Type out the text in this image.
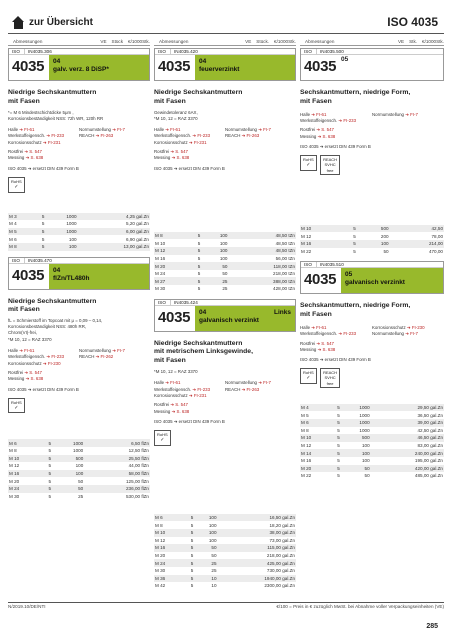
zur Übersicht	ISO 4035
Abmessungen	VE Stück €/1000Stk.
ISO	IN4035.306
4035 04
galv. verz. 8 DiSP*
Niedrige Sechskantmuttern
mit Fasen
*= M 6 Mindestschichtdicke 5μm ,
Korrosionsbeständigkeit NSS: 72h WR, 120h RR
Halle ➔ FI-61	Normumstellung ➔ FI-7
Werkstoffeigensch. ➔ FI-233	REACH ➔ FI-263
Korrosionsschutz ➔ FI-231
Rostfrei ➔ S. 547
Messing ➔ S. 638
ISO 4035 ➔ ersetzt DIN 439 Form B
RoHS
✓
M 3	5	1000	4,25 gal.Zn
M 4	5	1000	5,20 gal.Zn
M 5	5	1000	6,00 gal.Zn
M 6	5	100	6,90 gal.Zn
M 8	5	100	13,00 gal.Zn
ISO	IN4035.470
4035 04
flZn/TL480h
Niedrige Sechskantmuttern
mit Fasen
fL = Schmierstoff im Topcoat mit μ = 0,09 – 0,14,
Korrosionsbeständigkeit NSS: 480h RR,
Chrom(VI)-frei,
*M 10, 12 = RAZ 3370
Halle ➔ FI-61	Normumstellung ➔ FI-7
Werkstoffeigensch. ➔ FI-233	REACH ➔ FI-262
Korrosionsschutz ➔ FI-230
Rostfrei ➔ S. 547
Messing ➔ S. 638
ISO 4035 ➔ ersetzt DIN 439 Form B
RoHS
✓
M 6	5	1000	6,50 flZn
M 8	5	1000	12,50 flZn
M 10	5	500	25,50 flZn
M 12	5	100	44,00 flZn
M 16	5	100	58,00 flZn
M 20	5	50	125,00 flZn
M 24	5	50	236,00 flZn
M 30	5	25	530,00 flZn
Abmessungen	VE Stück. €/1000Stk.
ISO	IN4035.420
4035 04
feuerverzinkt
Niedrige Sechskantmuttern
mit Fasen
Gewindetoleranz 6AX,
*M 10, 12 = RAZ 3370
Halle ➔ FI-61	Normumstellung ➔ FI-7
Werkstoffeigensch. ➔ FI-233	REACH ➔ FI-263
Korrosionsschutz ➔ FI-231
Rostfrei ➔ S. 547
Messing ➔ S. 638
ISO 4035 ➔ ersetzt DIN 439 Form B
M 8	5	100	48,50 tZn
M 10	5	100	48,50 tZn
M 12	5	100	48,50 tZn
M 16	5	100	56,00 tZn
M 20	5	50	118,00 tZn
M 24	5	50	218,00 tZn
M 27	5	25	388,00 tZn
M 30	5	25	428,00 tZn
ISO	IN4035.424
4035 04	Links
galvanisch verzinkt
Niedrige Sechskantmuttern
mit metrischem Linksgewinde,
mit Fasen
*M 10, 12 = RAZ 3370
Halle ➔ FI-61	Normumstellung ➔ FI-7
Werkstoffeigensch. ➔ FI-233	REACH ➔ FI-263
Korrosionsschutz ➔ FI-231
Rostfrei ➔ S. 547
Messing ➔ S. 638
ISO 4035 ➔ ersetzt DIN 439 Form B
RoHS
✓
M 6	5	100	16,50 gal.Zn
M 8	5	100	18,20 gal.Zn
M 10	5	100	38,00 gal.Zn
M 12	5	100	73,00 gal.Zn
M 16	5	50	115,00 gal.Zn
M 20	5	50	218,00 gal.Zn
M 24	5	25	425,00 gal.Zn
M 30	5	25	730,00 gal.Zn
M 36	5	10	1940,00 gal.Zn
M 42	5	10	2300,00 gal.Zn
Abmessungen	VE Stk. €/1000Stk.
ISO	IN4035.500
4035 05
Sechskantmuttern, niedrige Form,
mit Fasen
Halle ➔ FI-61	Normumstellung ➔ FI-7
Werkstoffeigensch. ➔ FI-233
Rostfrei ➔ S. 547
Messing ➔ S. 638
ISO 4035 ➔ ersetzt DIN 439 Form B
RoHS
✓

REACH
SVHC
free
M 10	5	500	42,50
M 12	5	200	78,00
M 16	5	100	214,00
M 22	5	50	470,00
ISO	IN4035.510
4035 05
galvanisch verzinkt
Sechskantmuttern, niedrige Form,
mit Fasen
Halle ➔ FI-61	Korrosionsschutz ➔ FI-230
Werkstoffeigensch. ➔ FI-233	Normumstellung ➔ FI-7
Rostfrei ➔ S. 547
Messing ➔ S. 638
ISO 4035 ➔ ersetzt DIN 439 Form B
RoHS
✓

REACH
SVHC
free
M 4	5	1000	29,50 gal.Zn
M 5	5	1000	36,50 gal.Zn
M 6	5	1000	39,00 gal.Zn
M 8	5	1000	42,50 gal.Zn
M 10	5	500	46,50 gal.Zn
M 12	5	100	83,00 gal.Zn
M 14	5	100	240,00 gal.Zn
M 16	5	100	195,00 gal.Zn
M 20	5	50	420,00 gal.Zn
M 22	5	50	485,00 gal.Zn
N/2019.10/DE/NTI	€/100 = Preis in € zuzüglich MwSt. bei Abnahme voller Verpackungseinheiten (VE)
285
